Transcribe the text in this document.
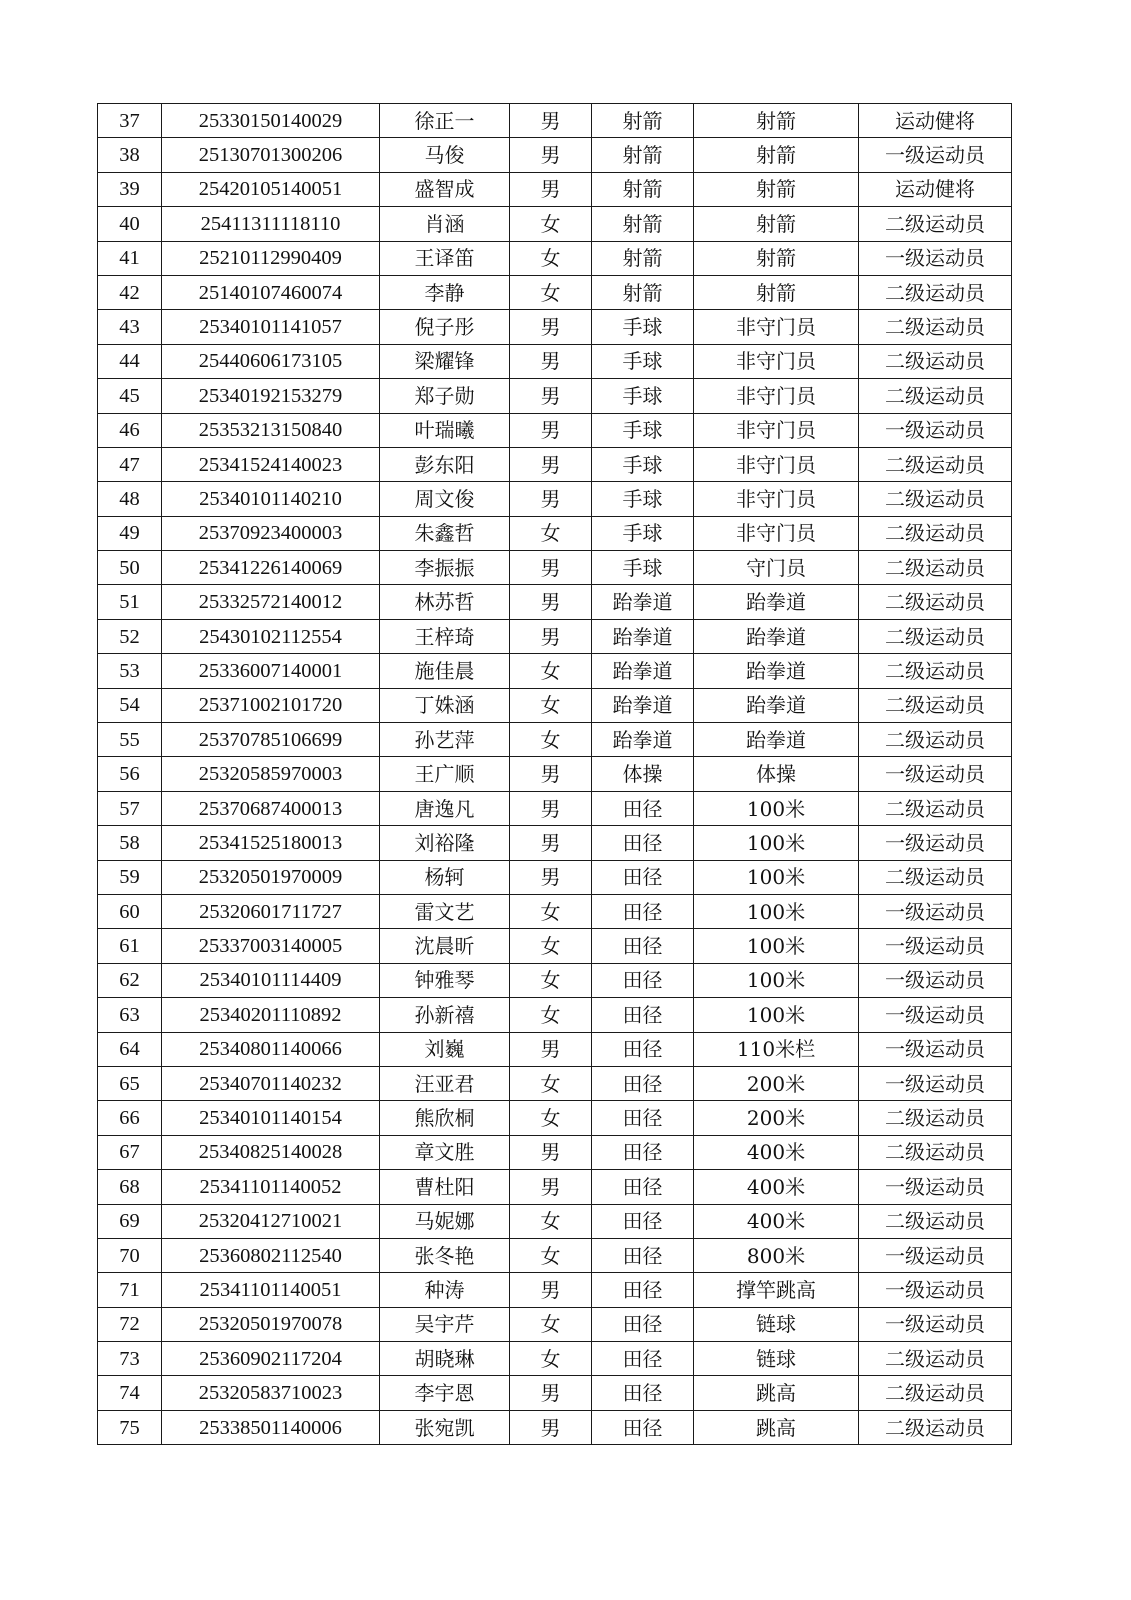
37	25330150140029	徐正一	男	射箭	射箭	运动健将
38	25130701300206	马俊	男	射箭	射箭	一级运动员
39	25420105140051	盛智成	男	射箭	射箭	运动健将
40	25411311118110	肖涵	女	射箭	射箭	二级运动员
41	25210112990409	王译笛	女	射箭	射箭	一级运动员
42	25140107460074	李静	女	射箭	射箭	二级运动员
43	25340101141057	倪子彤	男	手球	非守门员	二级运动员
44	25440606173105	梁耀锋	男	手球	非守门员	二级运动员
45	25340192153279	郑子勋	男	手球	非守门员	二级运动员
46	25353213150840	叶瑞曦	男	手球	非守门员	一级运动员
47	25341524140023	彭东阳	男	手球	非守门员	二级运动员
48	25340101140210	周文俊	男	手球	非守门员	二级运动员
49	25370923400003	朱鑫哲	女	手球	非守门员	二级运动员
50	25341226140069	李振振	男	手球	守门员	二级运动员
51	25332572140012	林苏哲	男	跆拳道	跆拳道	二级运动员
52	25430102112554	王梓琦	男	跆拳道	跆拳道	二级运动员
53	25336007140001	施佳晨	女	跆拳道	跆拳道	二级运动员
54	25371002101720	丁姝涵	女	跆拳道	跆拳道	二级运动员
55	25370785106699	孙艺萍	女	跆拳道	跆拳道	二级运动员
56	25320585970003	王广顺	男	体操	体操	一级运动员
57	25370687400013	唐逸凡	男	田径	100米	二级运动员
58	25341525180013	刘裕隆	男	田径	100米	一级运动员
59	25320501970009	杨轲	男	田径	100米	二级运动员
60	25320601711727	雷文艺	女	田径	100米	一级运动员
61	25337003140005	沈晨昕	女	田径	100米	一级运动员
62	25340101114409	钟雅琴	女	田径	100米	一级运动员
63	25340201110892	孙新禧	女	田径	100米	一级运动员
64	25340801140066	刘巍	男	田径	110米栏	一级运动员
65	25340701140232	汪亚君	女	田径	200米	一级运动员
66	25340101140154	熊欣桐	女	田径	200米	二级运动员
67	25340825140028	章文胜	男	田径	400米	二级运动员
68	25341101140052	曹杜阳	男	田径	400米	一级运动员
69	25320412710021	马妮娜	女	田径	400米	二级运动员
70	25360802112540	张冬艳	女	田径	800米	一级运动员
71	25341101140051	种涛	男	田径	撑竿跳高	一级运动员
72	25320501970078	吴宇芹	女	田径	链球	一级运动员
73	25360902117204	胡晓琳	女	田径	链球	二级运动员
74	25320583710023	李宇恩	男	田径	跳高	二级运动员
75	25338501140006	张宛凯	男	田径	跳高	二级运动员
